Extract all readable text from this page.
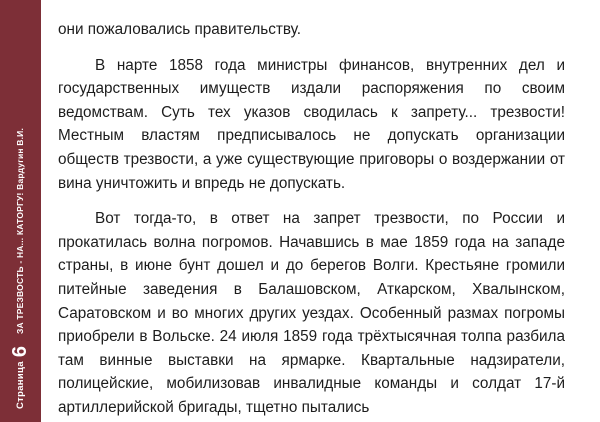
Страница
6
ЗА ТРЕЗВОСТЬ - НА... КАТОРГУ! Вардугин В.И.

они пожаловались правительству.

В нарте 1858 года министры финансов, внутренних дел и государственных имуществ издали распоряжения по своим ведомствам. Суть тех указов сводилась к запрету... трезвости! Местным властям предписывалось не допускать организации обществ трезвости, а уже существующие приговоры о воздержании от вина уничтожить и впредь не допускать.

Вот тогда-то, в ответ на запрет трезвости, по России и прокатилась волна погромов. Начавшись в мае 1859 года на западе страны, в июне бунт дошел и до берегов Волги. Крестьяне громили питейные заведения в Балашовском, Аткарском, Хвалынском, Саратовском и во многих других уездах. Особенный размах погромы приобрели в Вольске. 24 июля 1859 года трёхтысячная толпа разбила там винные выставки на ярмарке. Квартальные надзиратели, полицейские, мобилизовав инвалидные команды и солдат 17-й артиллерийской бригады, тщетно пытались
